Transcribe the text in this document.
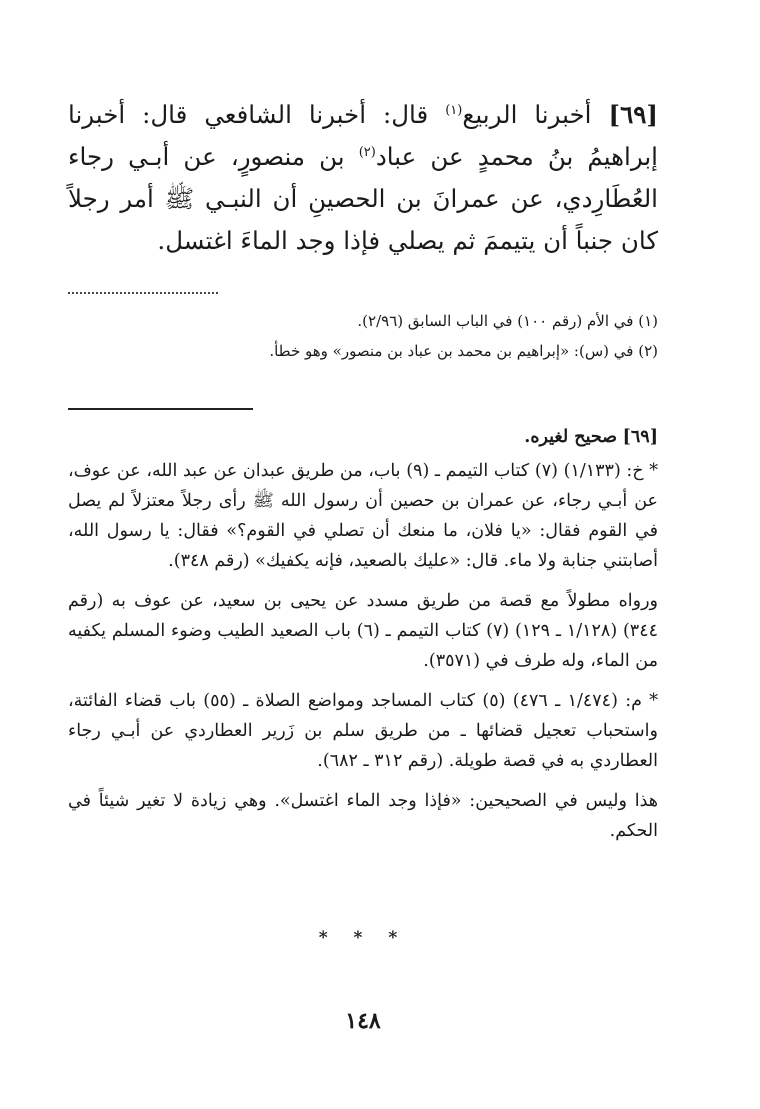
[٦٩] أخبرنا الربيع$^{(١)}$ قال: أخبرنا الشافعي قال: أخبرنا إبراهيمُ بنُ محمدٍ عن عباد$^{(٢)}$ بن منصورٍ، عن أبـي رجاء العُطَارِدي، عن عمرانَ بن الحصينِ أن النبـي ﷺ أمر رجلاً كان جنباً أن يتيممَ ثم يصلي فإذا وجد الماءَ اغتسل.

(١) في الأم (رقم ١٠٠) في الباب السابق (٢/٩٦).

(٢) في (س): «إبراهيم بن محمد بن عباد بن منصور» وهو خطأ.

[٦٩] صحيح لغيره.

* خ: (١/١٣٣) (٧) كتاب التيمم ـ (٩) باب، من طريق عبدان عن عبد الله، عن عوف، عن أبـي رجاء، عن عمران بن حصين أن رسول الله ﷺ رأى رجلاً معتزلاً لم يصل في القوم فقال: «يا فلان، ما منعك أن تصلي في القوم؟» فقال: يا رسول الله، أصابتني جنابة ولا ماء. قال: «عليك بالصعيد، فإنه يكفيك» (رقم ٣٤٨).

ورواه مطولاً مع قصة من طريق مسدد عن يحيى بن سعيد، عن عوف به (رقم ٣٤٤) (١/١٢٨ ـ ١٢٩) (٧) كتاب التيمم ـ (٦) باب الصعيد الطيب وضوء المسلم يكفيه من الماء، وله طرف في (٣٥٧١).

* م: (١/٤٧٤ ـ ٤٧٦) (٥) كتاب المساجد ومواضع الصلاة ـ (٥٥) باب قضاء الفائتة، واستحباب تعجيل قضائها ـ من طريق سلم بن زَرير العطاردي عن أبـي رجاء العطاردي به في قصة طويلة. (رقم ٣١٢ ـ ٦٨٢).

هذا وليس في الصحيحين: «فإذا وجد الماء اغتسل». وهي زيادة لا تغير شيئاً في الحكم.

* * *
١٤٨
